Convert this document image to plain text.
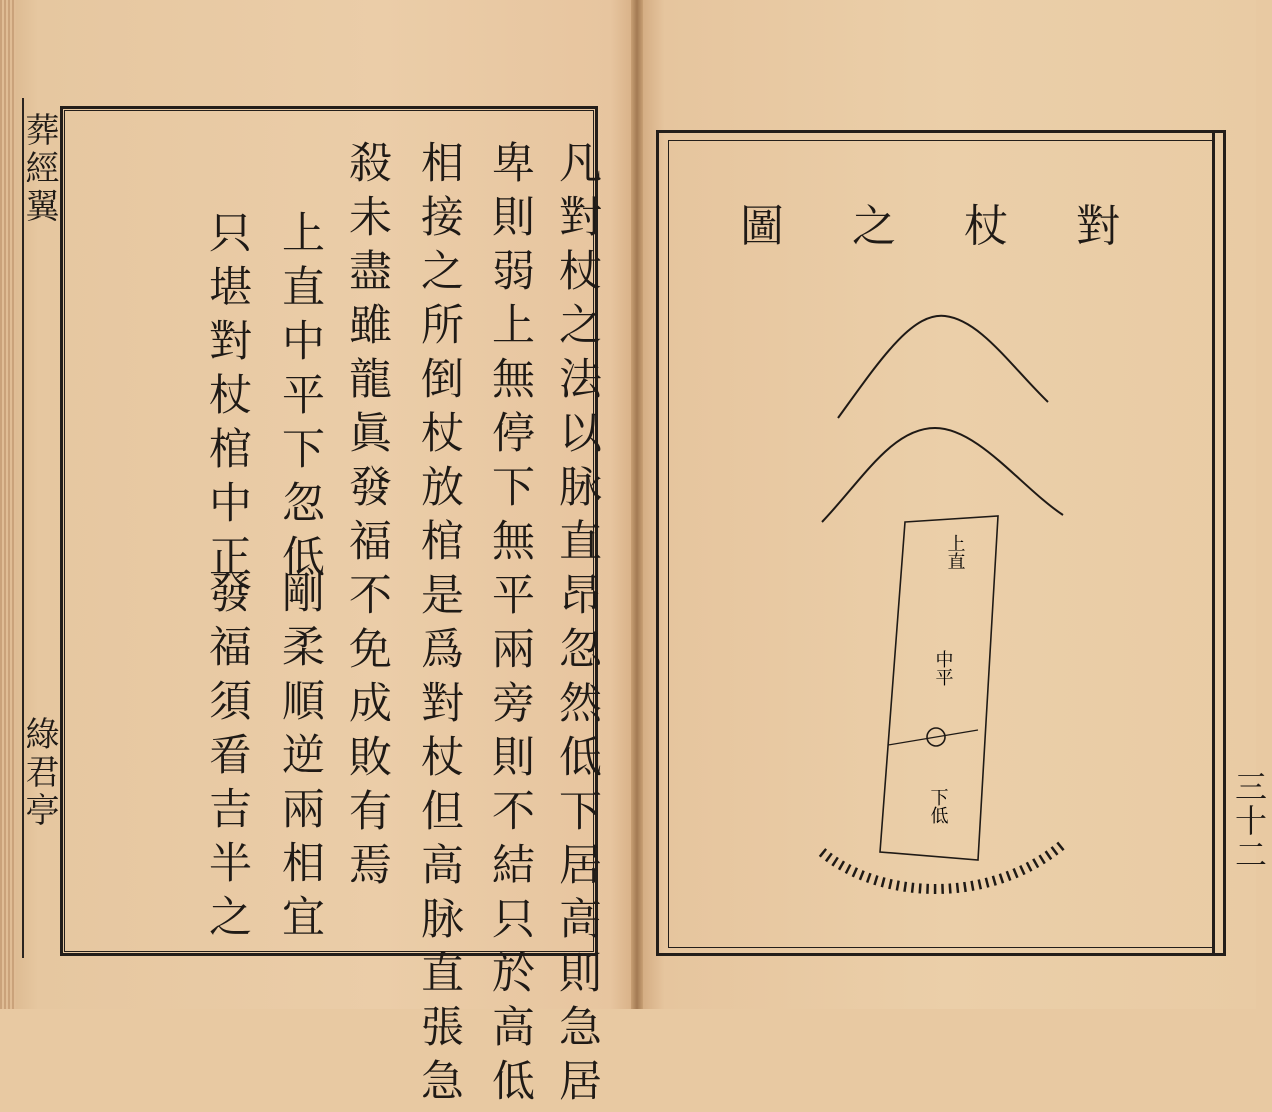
葬經翼
綠君亭	凡對杖之法以脉直昂忽然低下居高則急居
卑則弱上無停下無平兩旁則不結只於高低
相接之所倒杖放棺是爲對杖但高脉直張急
殺未盡雖龍眞發福不免成敗有焉
上直中平下忽低
剛柔順逆兩相宜
只堪對杖棺中正
發福須㸔吉半之
圖 之 杖 對
上直
中平
下低	三十二
